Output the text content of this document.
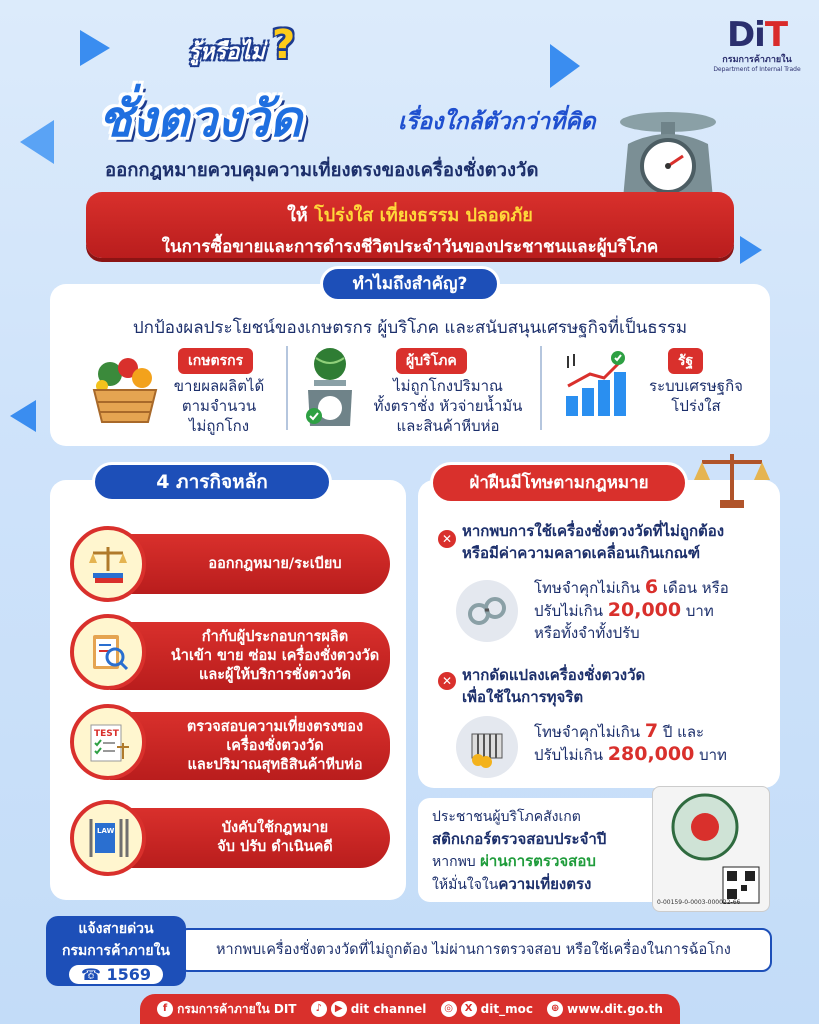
DiT
กรมการค้าภายใน
Department of Internal Trade
รู้หรือไม่ ?
ชั่งตวงวัด	เรื่องใกล้ตัวกว่าที่คิด
ออกกฎหมายควบคุมความเที่ยงตรงของเครื่องชั่งตวงวัด
ให้ โปร่งใส เที่ยงธรรม ปลอดภัย
ในการซื้อขายและการดำรงชีวิตประจำวันของประชาชนและผู้บริโภค
ทำไมถึงสำคัญ?
ปกป้องผลประโยชน์ของเกษตรกร ผู้บริโภค และสนับสนุนเศรษฐกิจที่เป็นธรรม
เกษตรกร
ขายผลผลิตได้
ตามจำนวน
ไม่ถูกโกง
ผู้บริโภค
ไม่ถูกโกงปริมาณ
ทั้งตราชั่ง หัวจ่ายน้ำมัน
และสินค้าหีบห่อ
รัฐ
ระบบเศรษฐกิจ
โปร่งใส
4 ภารกิจหลัก
ออกกฎหมาย/ระเบียบ
กำกับผู้ประกอบการผลิต
นำเข้า ขาย ซ่อม เครื่องชั่งตวงวัด
และผู้ให้บริการชั่งตวงวัด
ตรวจสอบความเที่ยงตรงของ
เครื่องชั่งตวงวัด
และปริมาณสุทธิสินค้าหีบห่อ
TEST
บังคับใช้กฎหมาย
จับ ปรับ ดำเนินคดี
LAW
ฝ่าฝืนมีโทษตามกฎหมาย
✕ หากพบการใช้เครื่องชั่งตวงวัดที่ไม่ถูกต้อง
หรือมีค่าความคลาดเคลื่อนเกินเกณฑ์
โทษจำคุกไม่เกิน 6 เดือน หรือ
ปรับไม่เกิน 20,000 บาท
หรือทั้งจำทั้งปรับ
✕ หากดัดแปลงเครื่องชั่งตวงวัด
เพื่อใช้ในการทุจริต
โทษจำคุกไม่เกิน 7 ปี และ
ปรับไม่เกิน 280,000 บาท
ประชาชนผู้บริโภคสังเกต
สติกเกอร์ตรวจสอบประจำปี
หากพบ ผ่านการตรวจสอบ
ให้มั่นใจในความเที่ยงตรง
0-00159-0-0003-000022-66
หากพบเครื่องชั่งตวงวัดที่ไม่ถูกต้อง ไม่ผ่านการตรวจสอบ หรือใช้เครื่องในการฉ้อโกง
แจ้งสายด่วน
กรมการค้าภายใน
☎ 1569
f กรมการค้าภายใน DIT	♪	▶ dit channel	◎	X dit_moc	⊕ www.dit.go.th
